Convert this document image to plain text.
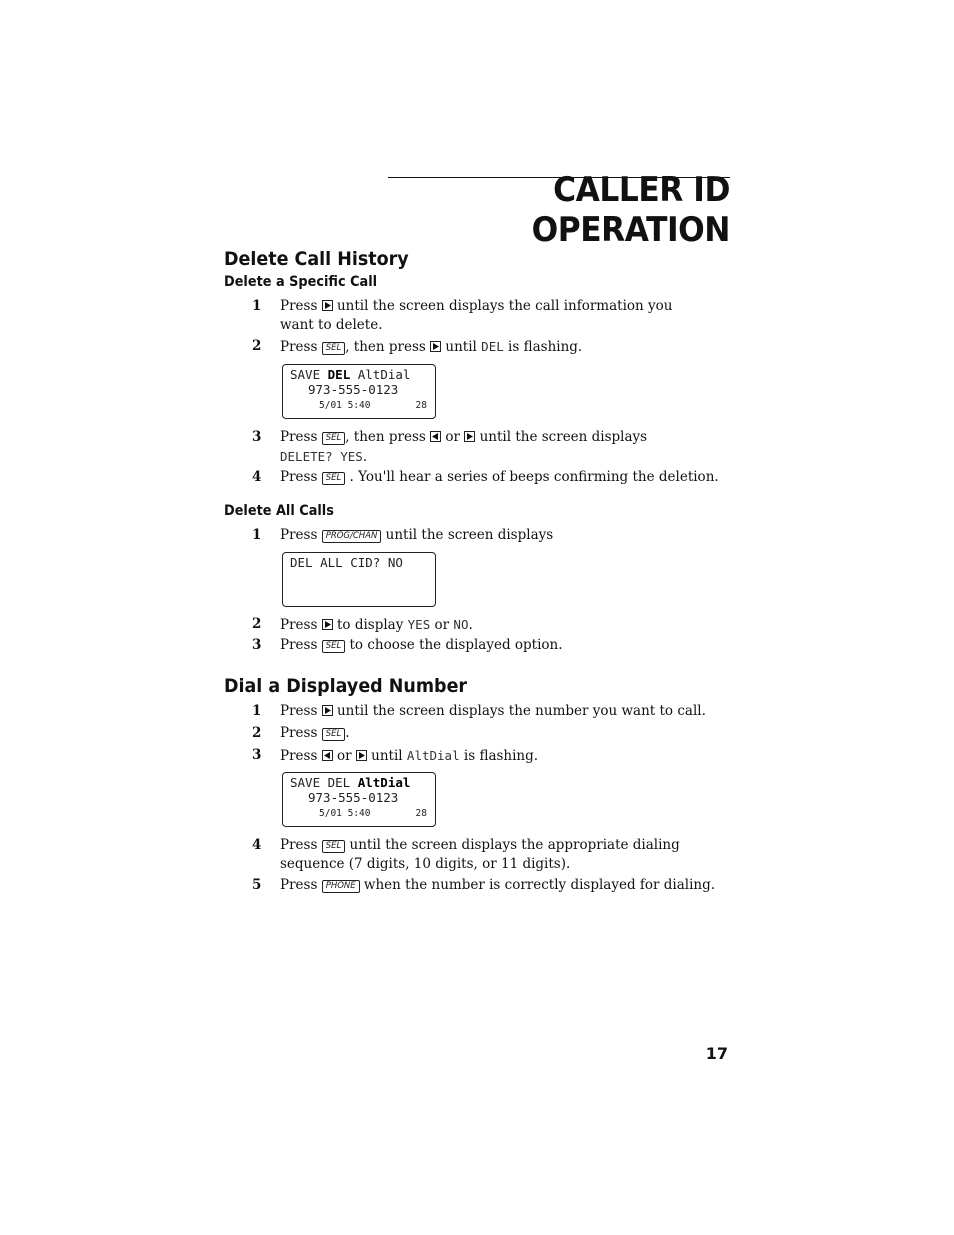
CALLER ID OPERATION
Delete Call History
Delete a Specific Call
1 Press until the screen displays the call information you want to delete.
2 Press SEL , then press until DEL is flashing.
SAVE DEL AltDial
973-555-0123
5/01 5:40	28
3 Press SEL , then press or until the screen displays
DELETE? YES.
4 Press SEL . You'll hear a series of beeps confirming the deletion.
Delete All Calls
1 Press PROG/CHAN until the screen displays
DEL ALL CID? NO
2 Press to display YES or NO.
3 Press SEL to choose the displayed option.
Dial a Displayed Number
1 Press until the screen displays the number you want to call.
2 Press SEL .
3 Press or until AltDial is flashing.
SAVE DEL AltDial
973-555-0123
5/01 5:40	28
4 Press SEL until the screen displays the appropriate dialing sequence (7 digits, 10 digits, or 11 digits).
5 Press PHONE when the number is correctly displayed for dialing.
17
